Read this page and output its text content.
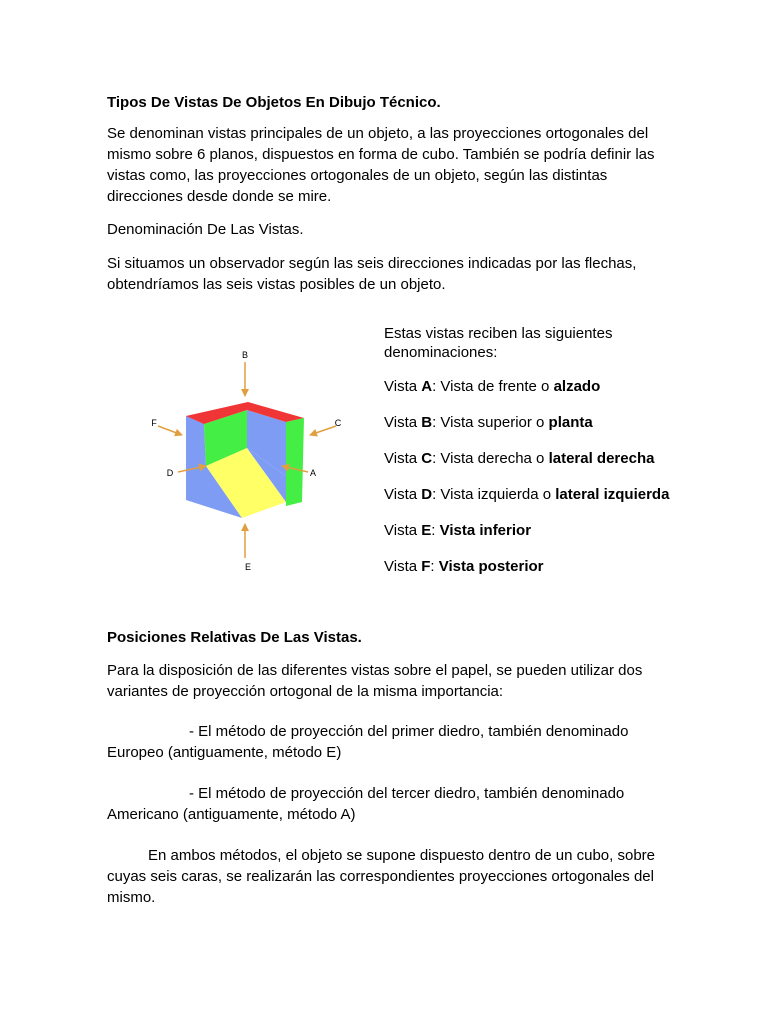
Tipos De Vistas De Objetos En Dibujo Técnico.

Se denominan vistas principales de un objeto, a las proyecciones ortogonales del mismo sobre 6 planos, dispuestos en forma de cubo. También se podría definir las vistas como, las proyecciones ortogonales de un objeto, según las distintas direcciones desde donde se mire.

Denominación De Las Vistas.

Si situamos un observador según las seis direcciones indicadas por las flechas, obtendríamos las seis vistas posibles de un objeto.

B
E
F	C
D	A

Estas vistas reciben las siguientes denominaciones:

Vista A: Vista de frente o alzado

Vista B: Vista superior o planta

Vista C: Vista derecha o lateral derecha

Vista D: Vista izquierda o lateral izquierda

Vista E: Vista inferior

Vista F: Vista posterior

Posiciones Relativas De Las Vistas.

Para la disposición de las diferentes vistas sobre el papel, se pueden utilizar dos variantes de proyección ortogonal de la misma importancia:

- El método de proyección del primer diedro, también denominado Europeo (antiguamente, método E)

- El método de proyección del tercer diedro, también denominado Americano (antiguamente, método A)

En ambos métodos, el objeto se supone dispuesto dentro de un cubo, sobre cuyas seis caras, se realizarán las correspondientes proyecciones ortogonales del mismo.
